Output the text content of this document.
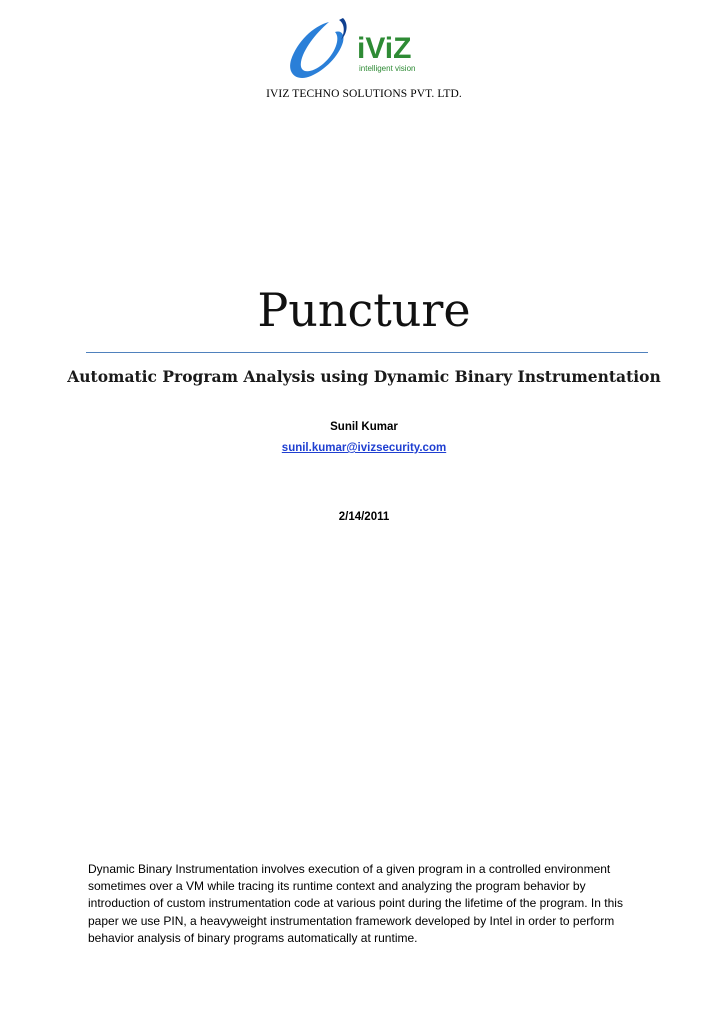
iViZ
intelligent vision
IVIZ TECHNO SOLUTIONS PVT. LTD.
Puncture
Automatic Program Analysis using Dynamic Binary Instrumentation
Sunil Kumar
sunil.kumar@ivizsecurity.com
2/14/2011
Dynamic Binary Instrumentation involves execution of a given program in a controlled environment sometimes over a VM while tracing its runtime context and analyzing the program behavior by introduction of custom instrumentation code at various point during the lifetime of the program. In this paper we use PIN, a heavyweight instrumentation framework developed by Intel in order to perform behavior analysis of binary programs automatically at runtime.
